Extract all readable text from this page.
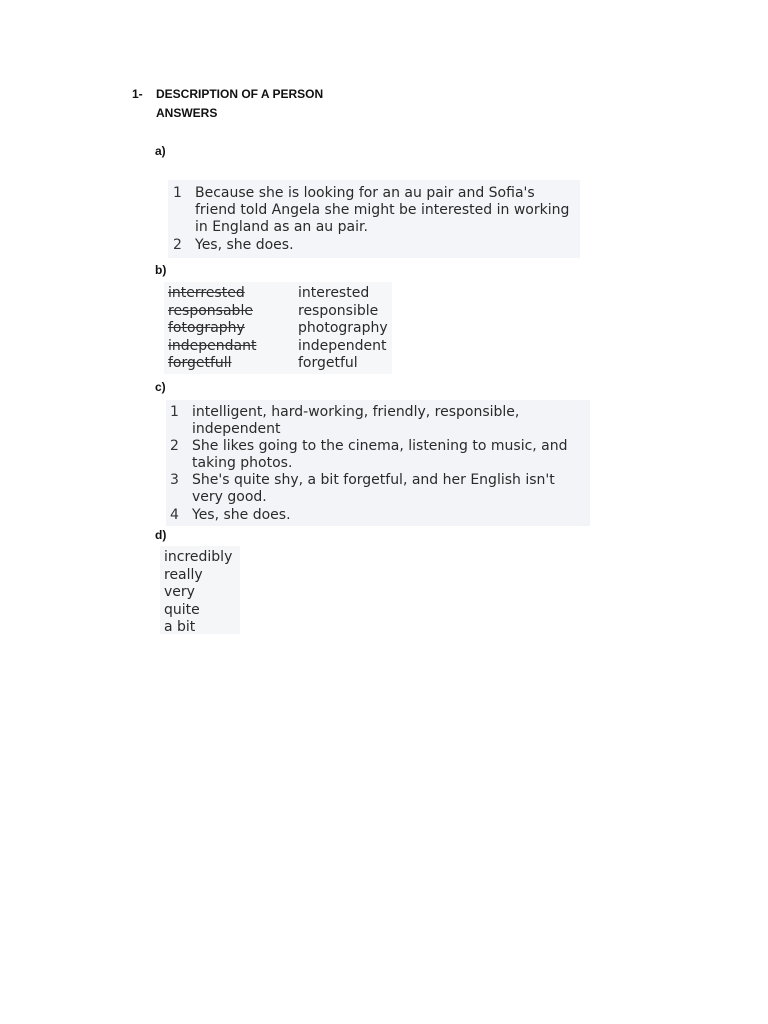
1- DESCRIPTION OF A PERSON
ANSWERS
a)
1 Because she is looking for an au pair and Sofia's friend told Angela she might be interested in working in England as an au pair.
2 Yes, she does.
b)
interrested
responsable
fotography
independant
forgetfull
interested
responsible
photography
independent
forgetful
c)
1 intelligent, hard-working, friendly, responsible, independent
2 She likes going to the cinema, listening to music, and taking photos.
3 She's quite shy, a bit forgetful, and her English isn't very good.
4 Yes, she does.
d)
incredibly
really
very
quite
a bit
